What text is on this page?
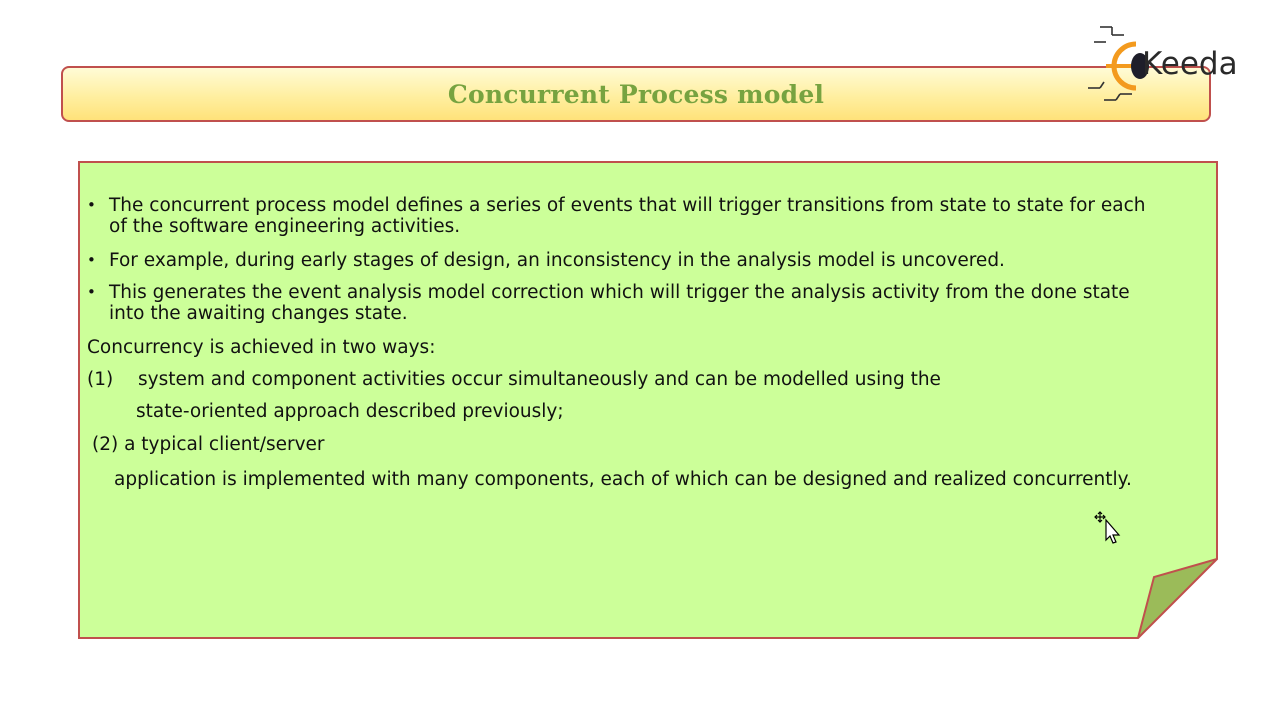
Concurrent Process model
Keeda
• The concurrent process model defines a series of events that will trigger transitions from state to state for each
of the software engineering activities.
• For example, during early stages of design, an inconsistency in the analysis model is uncovered.
• This generates the event analysis model correction which will trigger the analysis activity from the done state
into the awaiting changes state.
Concurrency is achieved in two ways:
(1) system and component activities occur simultaneously and can be modelled using the
state-oriented approach described previously;
(2) a typical client/server
application is implemented with many components, each of which can be designed and realized concurrently.
